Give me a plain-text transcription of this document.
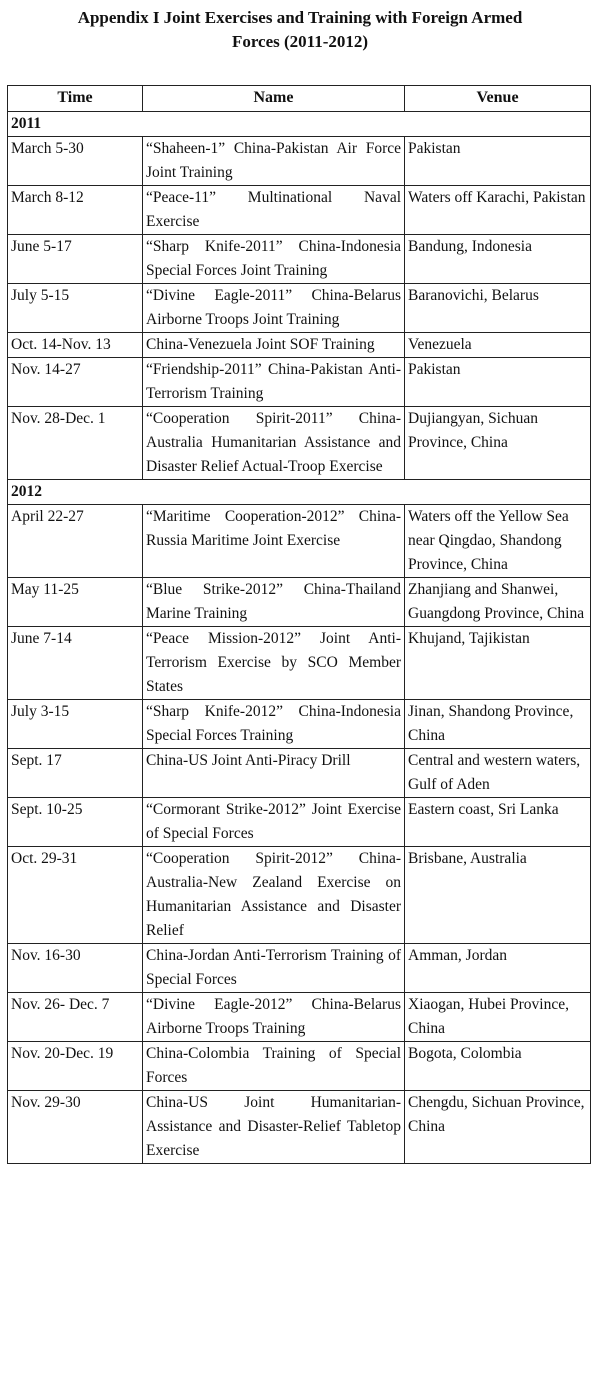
Appendix I Joint Exercises and Training with Foreign Armed
Forces (2011-2012)
Time	Name	Venue
2011		
March 5-30	“Shaheen-1” China-Pakistan Air Force Joint Training	Pakistan
March 8-12	“Peace-11” Multinational Naval Exercise	Waters off Karachi, Pakistan
June 5-17	“Sharp Knife-2011” China-Indonesia Special Forces Joint Training	Bandung, Indonesia
July 5-15	“Divine Eagle-2011” China-Belarus Airborne Troops Joint Training	Baranovichi, Belarus
Oct. 14-Nov. 13	China-Venezuela Joint SOF Training	Venezuela
Nov. 14-27	“Friendship-2011” China-Pakistan Anti-Terrorism Training	Pakistan
Nov. 28-Dec. 1	“Cooperation Spirit-2011” China-Australia Humanitarian Assistance and Disaster Relief Actual-Troop Exercise	Dujiangyan, Sichuan Province, China
2012		
April 22-27	“Maritime Cooperation-2012” China-Russia Maritime Joint Exercise	Waters off the Yellow Sea near Qingdao, Shandong Province, China
May 11-25	“Blue Strike-2012” China-Thailand Marine Training	Zhanjiang and Shanwei, Guangdong Province, China
June 7-14	“Peace Mission-2012” Joint Anti-Terrorism Exercise by SCO Member States	Khujand, Tajikistan
July 3-15	“Sharp Knife-2012” China-Indonesia Special Forces Training	Jinan, Shandong Province, China
Sept. 17	China-US Joint Anti-Piracy Drill	Central and western waters, Gulf of Aden
Sept. 10-25	“Cormorant Strike-2012” Joint Exercise of Special Forces	Eastern coast, Sri Lanka
Oct. 29-31	“Cooperation Spirit-2012” China-Australia-New Zealand Exercise on Humanitarian Assistance and Disaster Relief	Brisbane, Australia
Nov. 16-30	China-Jordan Anti-Terrorism Training of Special Forces	Amman, Jordan
Nov. 26- Dec. 7	“Divine Eagle-2012” China-Belarus Airborne Troops Training	Xiaogan, Hubei Province, China
Nov. 20-Dec. 19	China-Colombia Training of Special Forces	Bogota, Colombia
Nov. 29-30	China-US Joint Humanitarian-Assistance and Disaster-Relief Tabletop Exercise	Chengdu, Sichuan Province, China
